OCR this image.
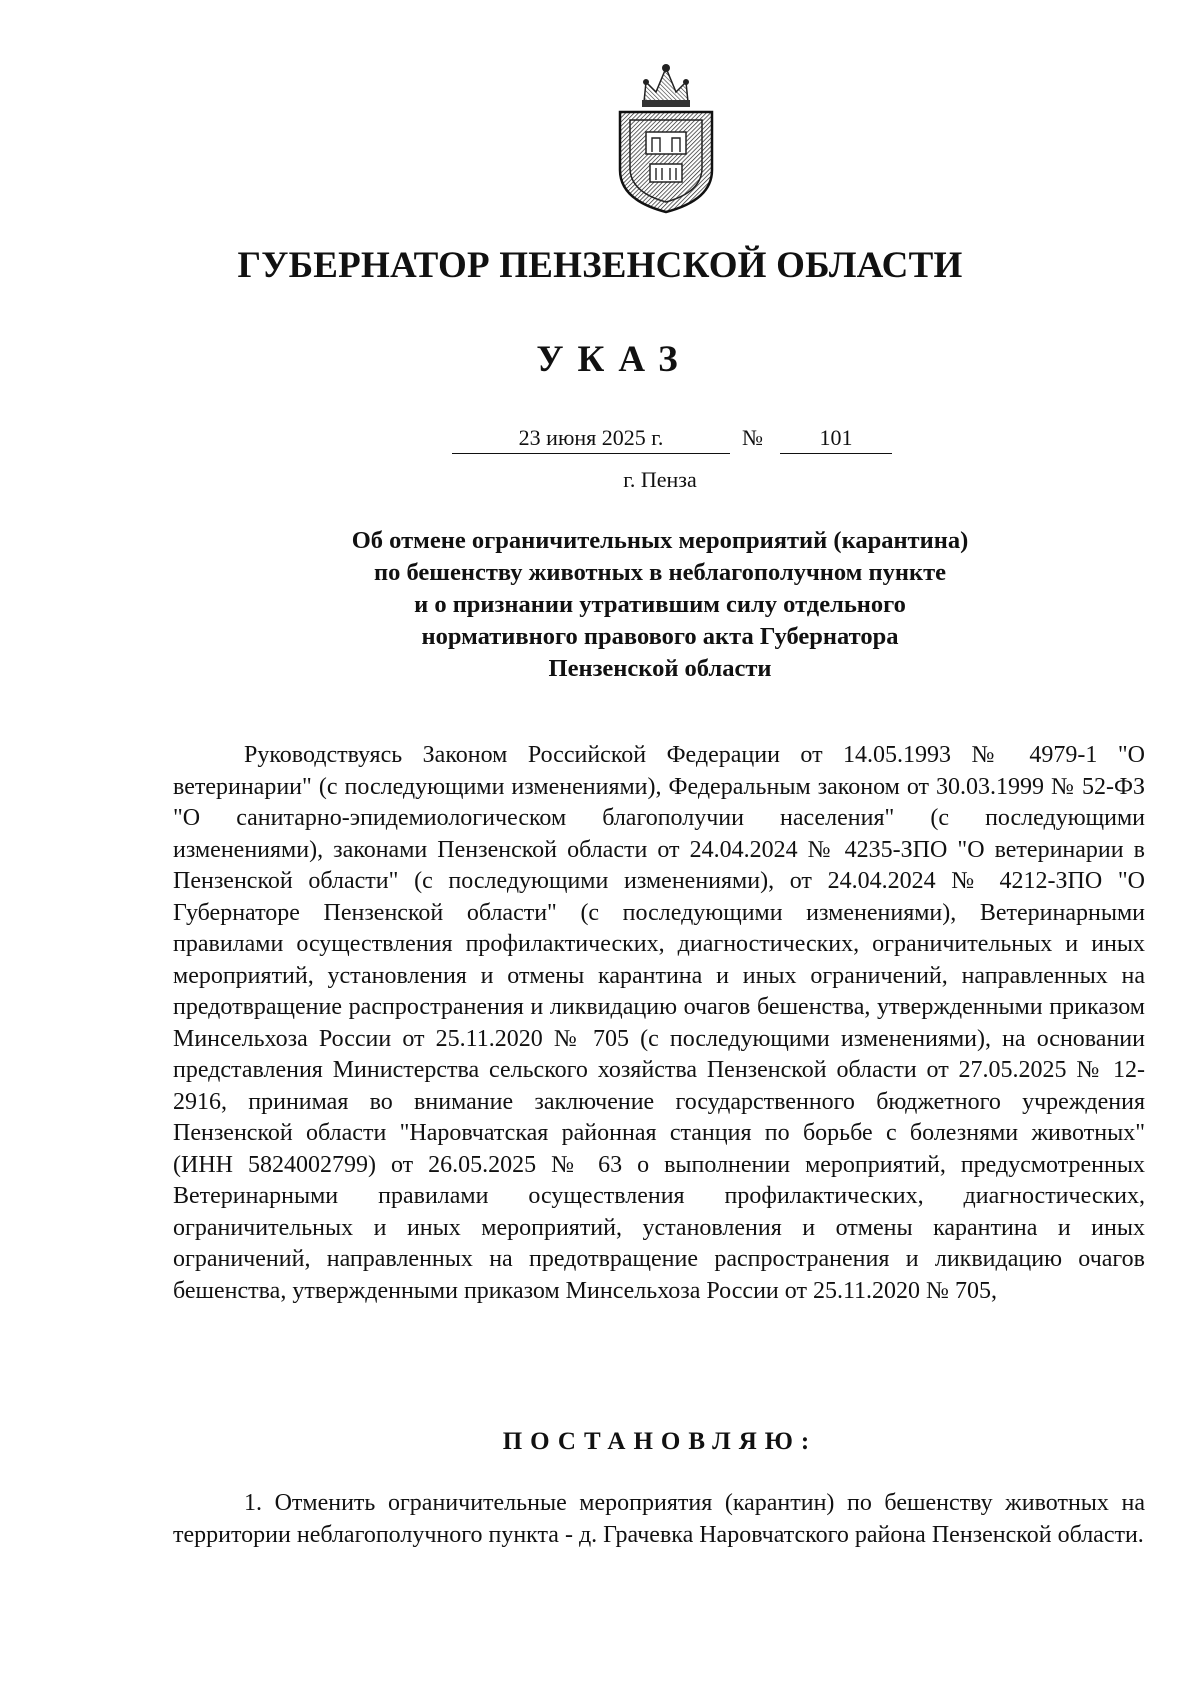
ГУБЕРНАТОР ПЕНЗЕНСКОЙ ОБЛАСТИ
УКАЗ
23 июня 2025 г.	№	101
г. Пенза
Об отмене ограничительных мероприятий (карантина)
по бешенству животных в неблагополучном пункте
и о признании утратившим силу отдельного
нормативного правового акта Губернатора
Пензенской области

Руководствуясь Законом Российской Федерации от 14.05.1993 № 4979-1 "О ветеринарии" (с последующими изменениями), Федеральным законом от 30.03.1999 № 52-ФЗ "О санитарно-эпидемиологическом благополучии населения" (с последующими изменениями), законами Пензенской области от 24.04.2024 № 4235-ЗПО "О ветеринарии в Пензенской области" (с последующими изменениями), от 24.04.2024 № 4212-ЗПО "О Губернаторе Пензенской области" (с последующими изменениями), Ветеринарными правилами осуществления профилактических, диагностических, ограничительных и иных мероприятий, установления и отмены карантина и иных ограничений, направленных на предотвращение распространения и ликвидацию очагов бешенства, утвержденными приказом Минсельхоза России от 25.11.2020 № 705 (с последующими изменениями), на основании представления Министерства сельского хозяйства Пензенской области от 27.05.2025 № 12-2916, принимая во внимание заключение государственного бюджетного учреждения Пензенской области "Наровчатская районная станция по борьбе с болезнями животных" (ИНН 5824002799) от 26.05.2025 № 63 о выполнении мероприятий, предусмотренных Ветеринарными правилами осуществления профилактических, диагностических, ограничительных и иных мероприятий, установления и отмены карантина и иных ограничений, направленных на предотвращение распространения и ликвидацию очагов бешенства, утвержденными приказом Минсельхоза России от 25.11.2020 № 705,

ПОСТАНОВЛЯЮ:

1. Отменить ограничительные мероприятия (карантин) по бешенству животных на территории неблагополучного пункта - д. Грачевка Наровчатского района Пензенской области.
